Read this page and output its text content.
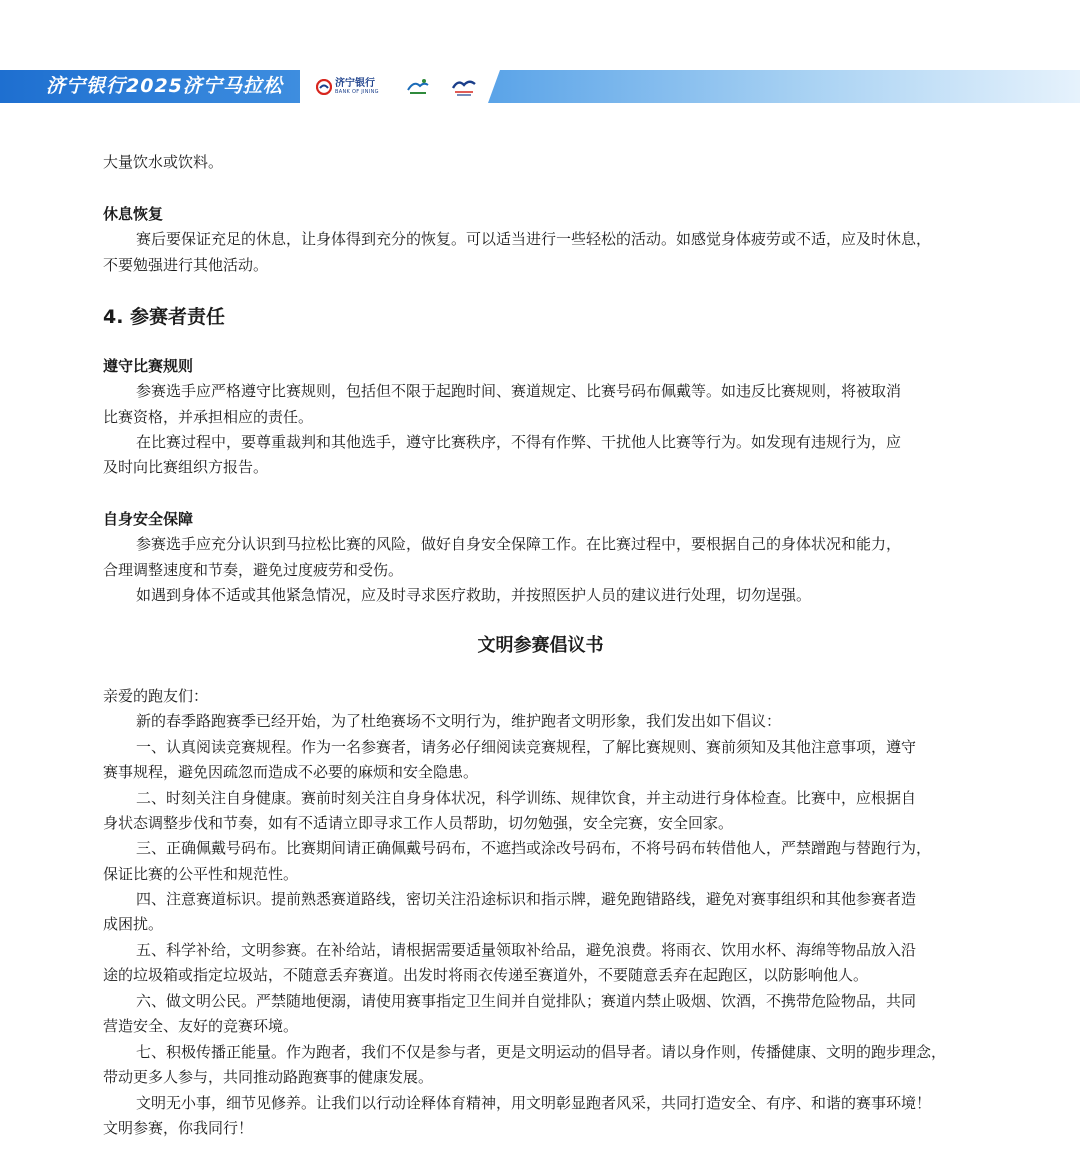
济宁银行2025济宁马拉松	济宁银行
BANK OF JINING
大量饮水或饮料。
休息恢复
赛后要保证充足的休息，让身体得到充分的恢复。可以适当进行一些轻松的活动。如感觉身体疲劳或不适，应及时休息，
不要勉强进行其他活动。
4. 参赛者责任
遵守比赛规则
参赛选手应严格遵守比赛规则，包括但不限于起跑时间、赛道规定、比赛号码布佩戴等。如违反比赛规则，将被取消
比赛资格，并承担相应的责任。
在比赛过程中，要尊重裁判和其他选手，遵守比赛秩序，不得有作弊、干扰他人比赛等行为。如发现有违规行为，应
及时向比赛组织方报告。
自身安全保障
参赛选手应充分认识到马拉松比赛的风险，做好自身安全保障工作。在比赛过程中，要根据自己的身体状况和能力，
合理调整速度和节奏，避免过度疲劳和受伤。
如遇到身体不适或其他紧急情况，应及时寻求医疗救助，并按照医护人员的建议进行处理，切勿逞强。
文明参赛倡议书
亲爱的跑友们：
新的春季路跑赛季已经开始，为了杜绝赛场不文明行为，维护跑者文明形象，我们发出如下倡议：
一、认真阅读竞赛规程。作为一名参赛者，请务必仔细阅读竞赛规程，了解比赛规则、赛前须知及其他注意事项，遵守
赛事规程，避免因疏忽而造成不必要的麻烦和安全隐患。
二、时刻关注自身健康。赛前时刻关注自身身体状况，科学训练、规律饮食，并主动进行身体检查。比赛中，应根据自
身状态调整步伐和节奏，如有不适请立即寻求工作人员帮助，切勿勉强，安全完赛，安全回家。
三、正确佩戴号码布。比赛期间请正确佩戴号码布，不遮挡或涂改号码布，不将号码布转借他人，严禁蹭跑与替跑行为，
保证比赛的公平性和规范性。
四、注意赛道标识。提前熟悉赛道路线，密切关注沿途标识和指示牌，避免跑错路线，避免对赛事组织和其他参赛者造
成困扰。
五、科学补给，文明参赛。在补给站，请根据需要适量领取补给品，避免浪费。将雨衣、饮用水杯、海绵等物品放入沿
途的垃圾箱或指定垃圾站，不随意丢弃赛道。出发时将雨衣传递至赛道外，不要随意丢弃在起跑区，以防影响他人。
六、做文明公民。严禁随地便溺，请使用赛事指定卫生间并自觉排队；赛道内禁止吸烟、饮酒，不携带危险物品，共同
营造安全、友好的竞赛环境。
七、积极传播正能量。作为跑者，我们不仅是参与者，更是文明运动的倡导者。请以身作则，传播健康、文明的跑步理念，
带动更多人参与，共同推动路跑赛事的健康发展。
文明无小事，细节见修养。让我们以行动诠释体育精神，用文明彰显跑者风采，共同打造安全、有序、和谐的赛事环境！
文明参赛，你我同行！
